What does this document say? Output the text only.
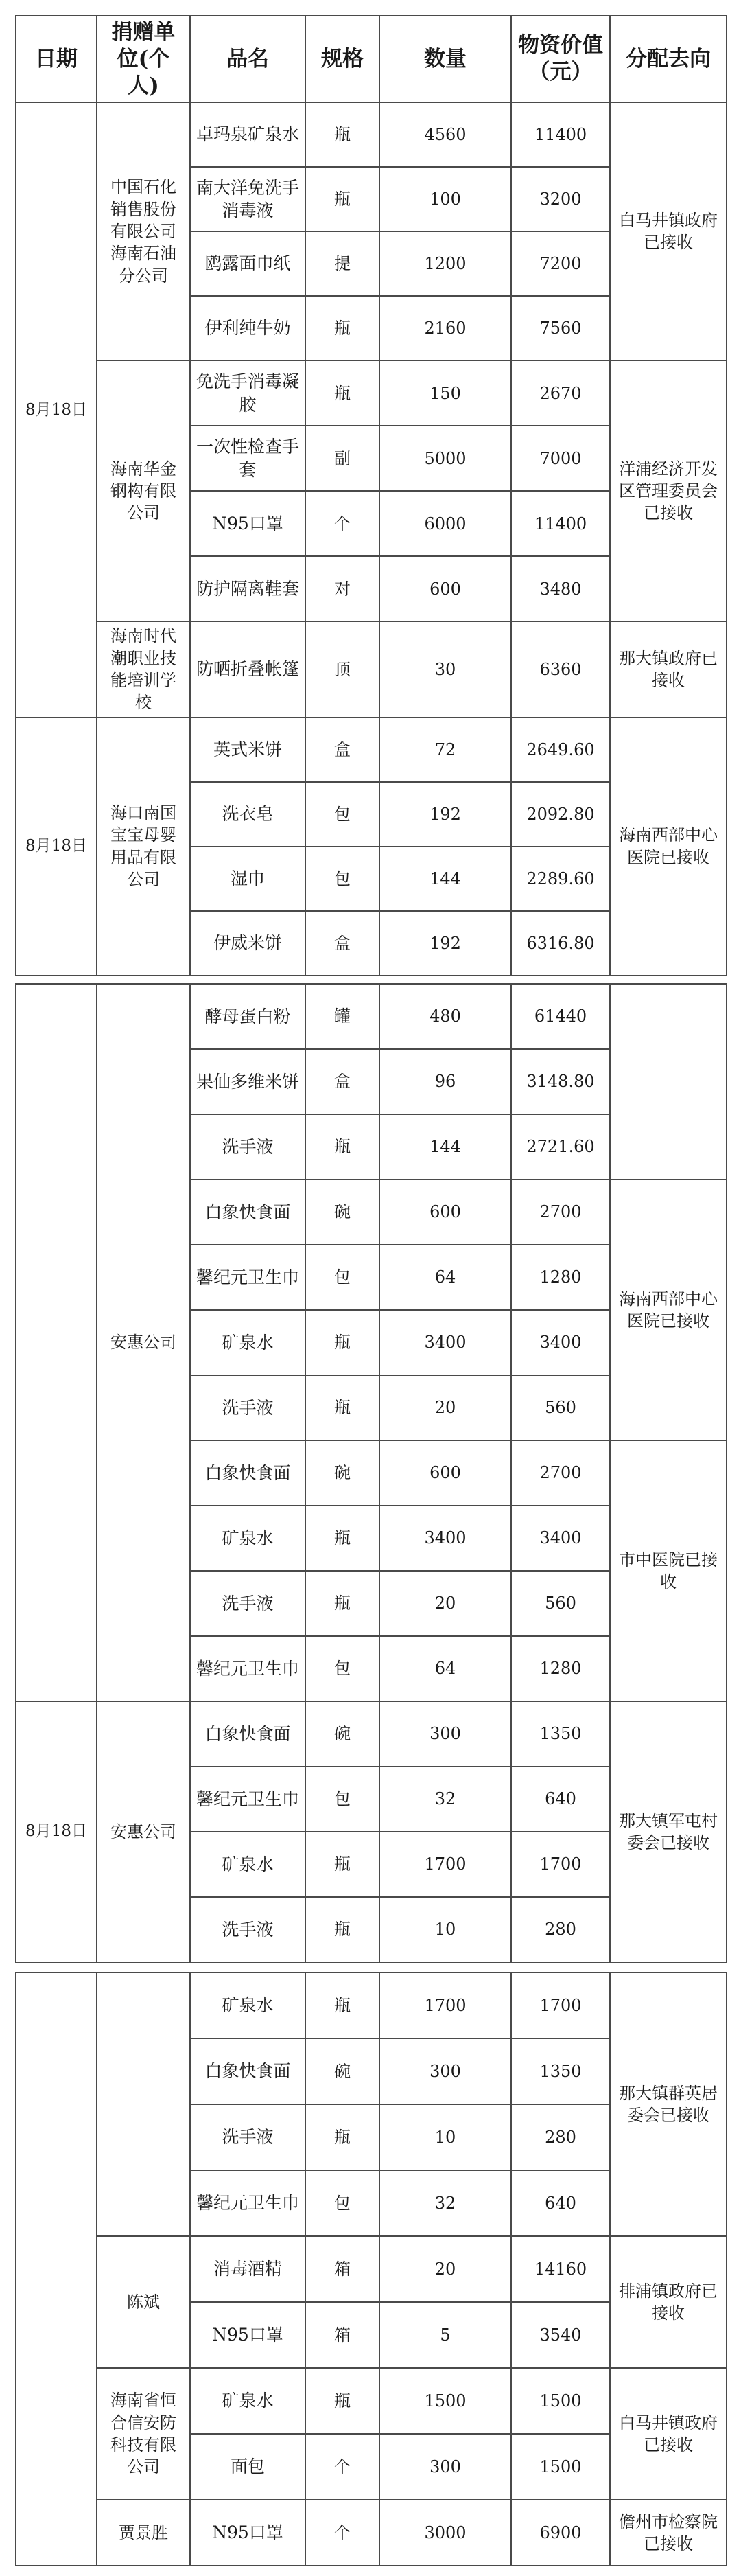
日期	捐赠单位(个人)	品名	规格	数量	物资价值（元）	分配去向
8月18日	中国石化销售股份有限公司海南石油分公司	卓玛泉矿泉水	瓶	4560	11400	白马井镇政府已接收
		南大洋免洗手消毒液	瓶	100	3200	
		鸥露面巾纸	提	1200	7200	
		伊利纯牛奶	瓶	2160	7560	
	海南华金钢构有限公司	免洗手消毒凝胶	瓶	150	2670	洋浦经济开发区管理委员会已接收
		一次性检查手套	副	5000	7000	
		N95口罩	个	6000	11400	
		防护隔离鞋套	对	600	3480	
	海南时代潮职业技能培训学校	防晒折叠帐篷	顶	30	6360	那大镇政府已接收
8月18日	海口南国宝宝母婴用品有限公司	英式米饼	盒	72	2649.60	海南西部中心医院已接收
		洗衣皂	包	192	2092.80	
		湿巾	包	144	2289.60	
		伊威米饼	盒	192	6316.80	
	安惠公司	酵母蛋白粉	罐	480	61440	
		果仙多维米饼	盒	96	3148.80	
		洗手液	瓶	144	2721.60	
		白象快食面	碗	600	2700	海南西部中心医院已接收
		馨纪元卫生巾	包	64	1280	
		矿泉水	瓶	3400	3400	
		洗手液	瓶	20	560	
		白象快食面	碗	600	2700	市中医院已接收
		矿泉水	瓶	3400	3400	
		洗手液	瓶	20	560	
		馨纪元卫生巾	包	64	1280	
8月18日	安惠公司	白象快食面	碗	300	1350	那大镇军屯村委会已接收
		馨纪元卫生巾	包	32	640	
		矿泉水	瓶	1700	1700	
		洗手液	瓶	10	280	
		矿泉水	瓶	1700	1700	那大镇群英居委会已接收
		白象快食面	碗	300	1350	
		洗手液	瓶	10	280	
		馨纪元卫生巾	包	32	640	
	陈斌	消毒酒精	箱	20	14160	排浦镇政府已接收
		N95口罩	箱	5	3540	
	海南省恒合信安防科技有限公司	矿泉水	瓶	1500	1500	白马井镇政府已接收
		面包	个	300	1500	
	贾景胜	N95口罩	个	3000	6900	儋州市检察院已接收
